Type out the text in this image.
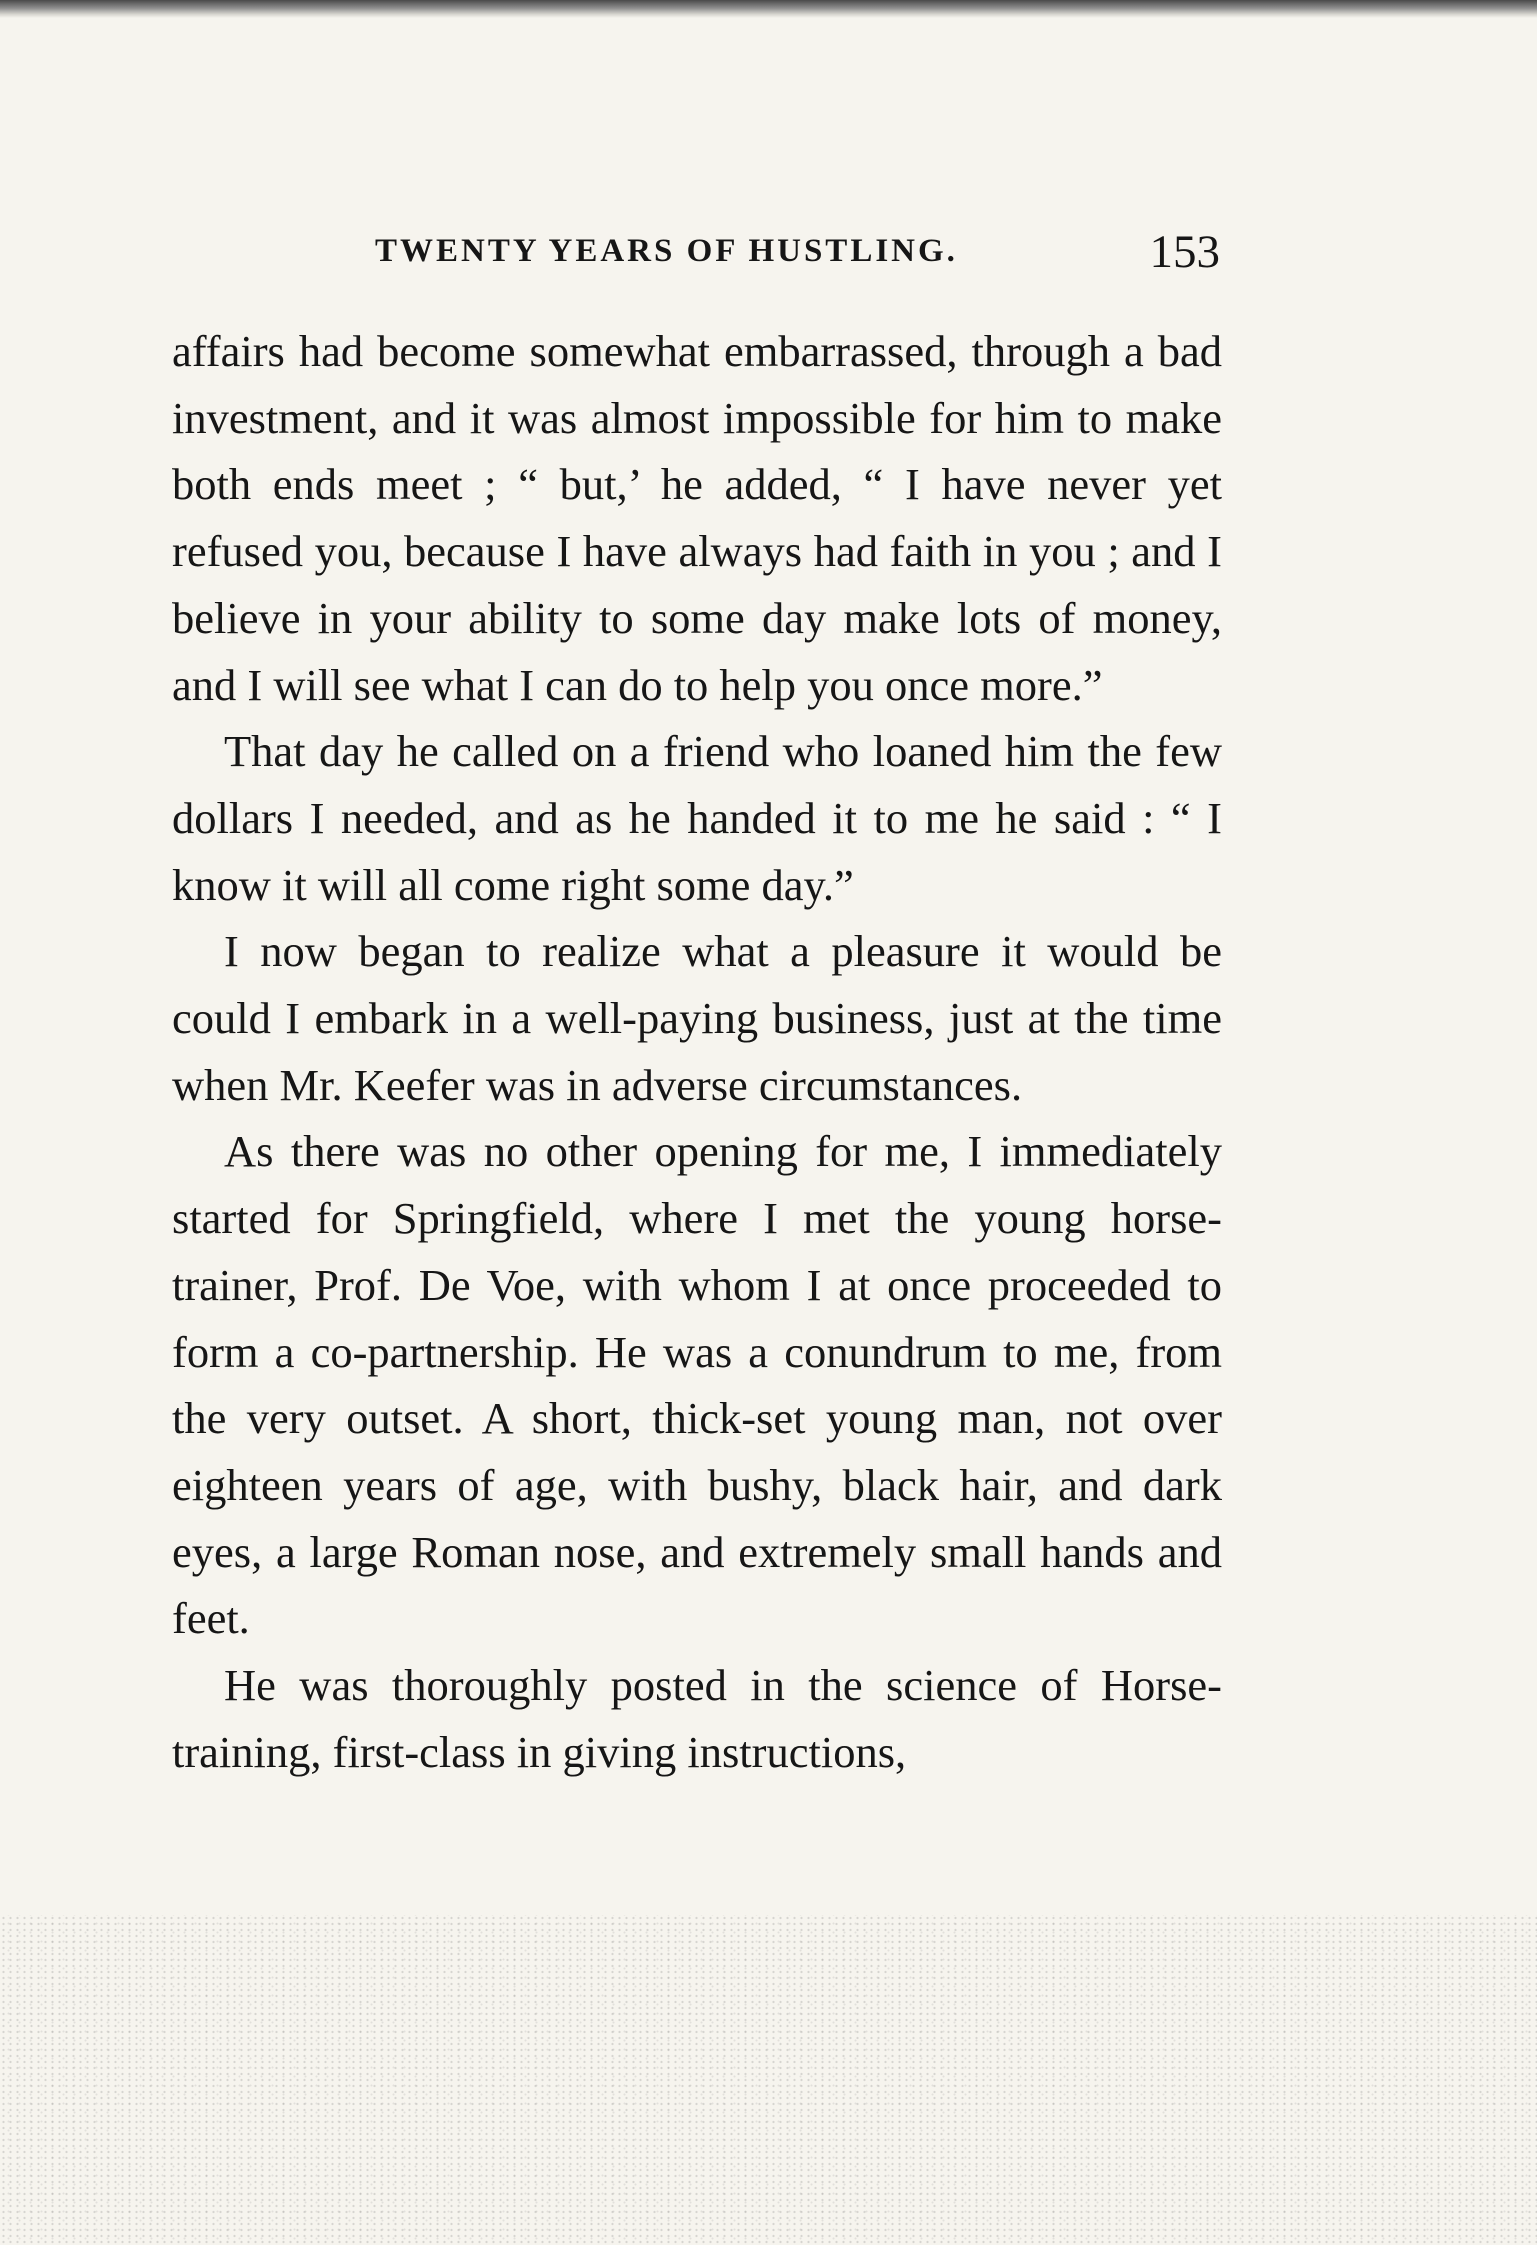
TWENTY YEARS OF HUSTLING.	153

affairs had become somewhat embarrassed, through a bad investment, and it was almost impossible for him to make both ends meet ; “ but,’ he added, “ I have never yet refused you, because I have always had faith in you ; and I believe in your ability to some day make lots of money, and I will see what I can do to help you once more.”

That day he called on a friend who loaned him the few dollars I needed, and as he handed it to me he said : “ I know it will all come right some day.”

I now began to realize what a pleasure it would be could I embark in a well-paying business, just at the time when Mr. Keefer was in adverse circumstances.

As there was no other opening for me, I immediately started for Springfield, where I met the young horse-trainer, Prof. De Voe, with whom I at once proceeded to form a co-partnership. He was a conundrum to me, from the very outset. A short, thick-set young man, not over eighteen years of age, with bushy, black hair, and dark eyes, a large Roman nose, and extremely small hands and feet.

He was thoroughly posted in the science of Horse-training, first-class in giving instructions,
